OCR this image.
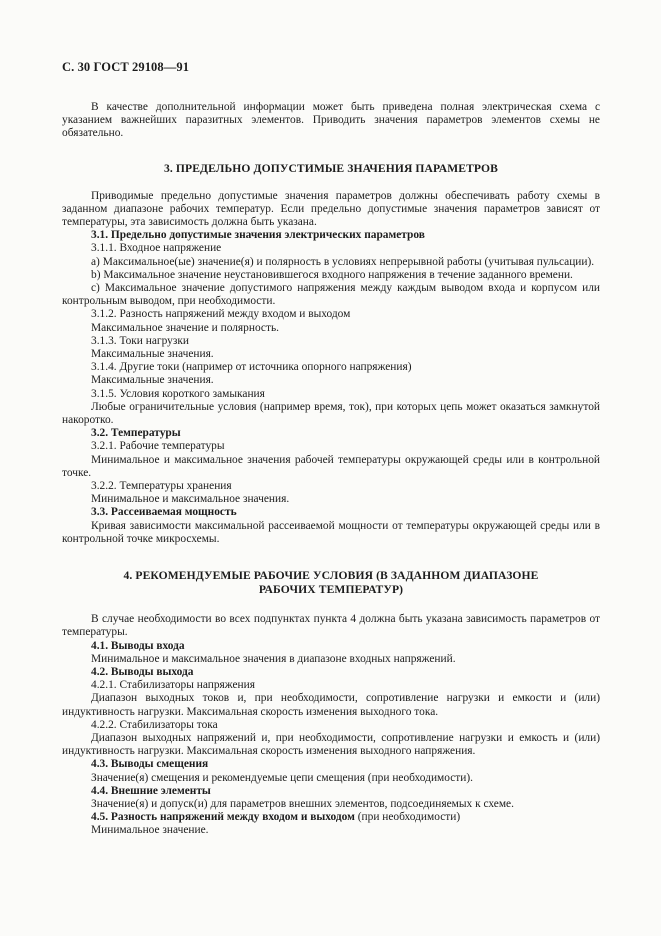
С. 30 ГОСТ 29108—91

В качестве дополнительной информации может быть приведена полная электрическая схема с указанием важнейших паразитных элементов. Приводить значения параметров элементов схемы не обязательно.

3. ПРЕДЕЛЬНО ДОПУСТИМЫЕ ЗНАЧЕНИЯ ПАРАМЕТРОВ

Приводимые предельно допустимые значения параметров должны обеспечивать работу схемы в заданном диапазоне рабочих температур. Если предельно допустимые значения параметров зависят от температуры, эта зависимость должна быть указана.

3.1. Предельно допустимые значения электрических параметров

3.1.1. Входное напряжение

а) Максимальное(ые) значение(я) и полярность в условиях непрерывной работы (учитывая пульсации).

b) Максимальное значение неустановившегося входного напряжения в течение заданного времени.

с) Максимальное значение допустимого напряжения между каждым выводом входа и корпусом или контрольным выводом, при необходимости.

3.1.2. Разность напряжений между входом и выходом

Максимальное значение и полярность.

3.1.3. Токи нагрузки

Максимальные значения.

3.1.4. Другие токи (например от источника опорного напряжения)

Максимальные значения.

3.1.5. Условия короткого замыкания

Любые ограничительные условия (например время, ток), при которых цепь может оказаться замкнутой накоротко.

3.2. Температуры

3.2.1. Рабочие температуры

Минимальное и максимальное значения рабочей температуры окружающей среды или в контрольной точке.

3.2.2. Температуры хранения

Минимальное и максимальное значения.

3.3. Рассеиваемая мощность

Кривая зависимости максимальной рассеиваемой мощности от температуры окружающей среды или в контрольной точке микросхемы.

4. РЕКОМЕНДУЕМЫЕ РАБОЧИЕ УСЛОВИЯ (В ЗАДАННОМ ДИАПАЗОНЕ
РАБОЧИХ ТЕМПЕРАТУР)

В случае необходимости во всех подпунктах пункта 4 должна быть указана зависимость параметров от температуры.

4.1. Выводы входа

Минимальное и максимальное значения в диапазоне входных напряжений.

4.2. Выводы выхода

4.2.1. Стабилизаторы напряжения

Диапазон выходных токов и, при необходимости, сопротивление нагрузки и емкости и (или) индуктивность нагрузки. Максимальная скорость изменения выходного тока.

4.2.2. Стабилизаторы тока

Диапазон выходных напряжений и, при необходимости, сопротивление нагрузки и емкость и (или) индуктивность нагрузки. Максимальная скорость изменения выходного напряжения.

4.3. Выводы смещения

Значение(я) смещения и рекомендуемые цепи смещения (при необходимости).

4.4. Внешние элементы

Значение(я) и допуск(и) для параметров внешних элементов, подсоединяемых к схеме.

4.5. Разность напряжений между входом и выходом (при необходимости)

Минимальное значение.
